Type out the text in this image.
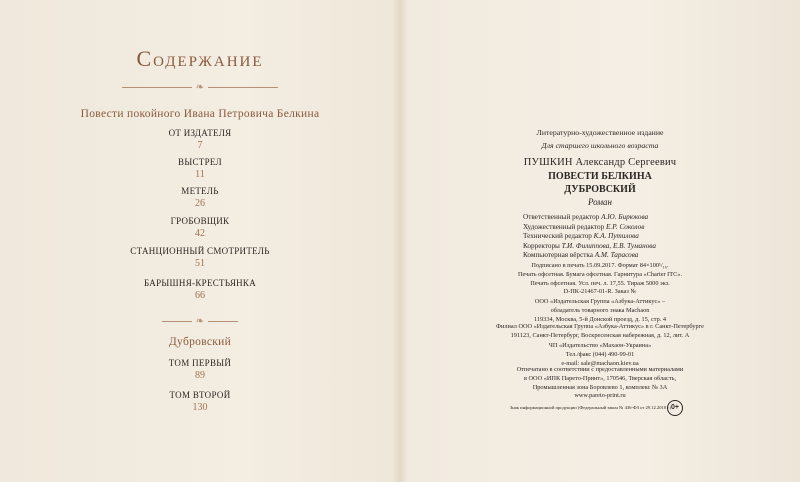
Содержание
❧
Повести покойного Ивана Петровича Белкина
ОТ ИЗДАТЕЛЯ
7
ВЫСТРЕЛ
11
МЕТЕЛЬ
26
ГРОБОВЩИК
42
СТАНЦИОННЫЙ СМОТРИТЕЛЬ
51
БАРЫШНЯ-КРЕСТЬЯНКА
66
❧
Дубровский
ТОМ ПЕРВЫЙ
89
ТОМ ВТОРОЙ
130
Литературно-художественное издание
Для старшего школьного возраста
ПУШКИН Александр Сергеевич
ПОВЕСТИ БЕЛКИНА
ДУБРОВСКИЙ
Роман
Ответственный редактор А.Ю. Бирюкова
Художественный редактор Е.Р. Соколов
Технический редактор К.А. Путилова
Корректоры Т.И. Филиппова, Е.В. Туманова
Компьютерная вёрстка А.М. Тарасова
Подписано в печать 15.09.2017. Формат 84×100¹/₁₆.
Печать офсетная. Бумага офсетная. Гарнитура «Charter ITC».
Печать офсетная. Усл. печ. л. 17,55. Тираж 5000 экз.
D-ПК-21467-01-R. Заказ №
ООО «Издательская Группа «Азбука-Аттикус» –
обладатель товарного знака Machaon
119334, Москва, 5-й Донской проезд, д. 15, стр. 4
Филиал ООО «Издательская Группа «Азбука-Аттикус» в г. Санкт-Петербурге
191123, Санкт-Петербург, Воскресенская набережная, д. 12, лит. А
ЧП «Издательство «Махаон-Украина»
Тел./факс (044) 490-99-01
e-mail: sale@machaon.kiev.ua
Отпечатано в соответствии с предоставленными материалами
в ООО «ИПК Парето-Принт», 170546, Тверская область,
Промышленная зона Боровлево 1, комплекс № 3А
www.pareto-print.ru
Знак информационной продукции (Федеральный закон № 436-ФЗ от 29.12.2010 г.) 0+
